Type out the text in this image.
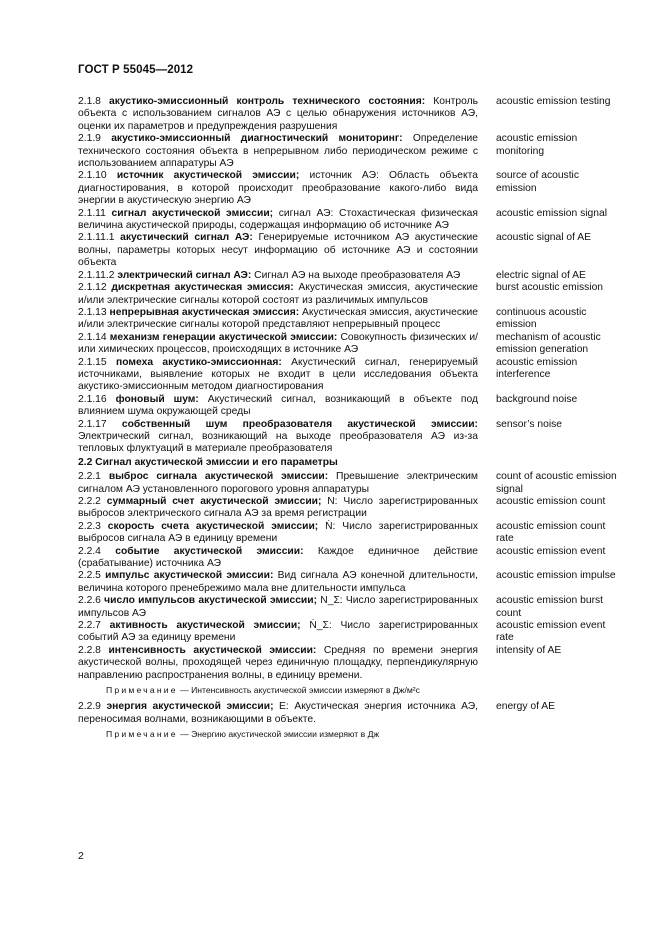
ГОСТ Р 55045—2012
2.1.8 акустико-эмиссионный контроль технического состояния: Контроль объекта с использованием сигналов АЭ с целью обнаружения источников АЭ, оценки их параметров и предупреждения разрушения
acoustic emission testing
2.1.9 акустико-эмиссионный диагностический мониторинг: Определение технического состояния объекта в непрерывном либо периодическом режиме с использованием аппаратуры АЭ
acoustic emission monitoring
2.1.10 источник акустической эмиссии; источник АЭ: Область объекта диагностирования, в которой происходит преобразование какого-либо вида энергии в акустическую энергию АЭ
source of acoustic emission
2.1.11 сигнал акустической эмиссии; сигнал АЭ: Стохастическая физическая величина акустической природы, содержащая информацию об источнике АЭ
acoustic emission signal
2.1.11.1 акустический сигнал АЭ: Генерируемые источником АЭ акустические волны, параметры которых несут информацию об источнике АЭ и состоянии объекта
acoustic signal of AE
2.1.11.2 электрический сигнал АЭ: Сигнал АЭ на выходе преобразователя АЭ	electric signal of AE
2.1.12 дискретная акустическая эмиссия: Акустическая эмиссия, акустические и/или электрические сигналы которой состоят из различимых импульсов
burst acoustic emission
2.1.13 непрерывная акустическая эмиссия: Акустическая эмиссия, акустические и/или электрические сигналы которой представляют непрерывный процесс
continuous acoustic emission
2.1.14 механизм генерации акустической эмиссии: Совокупность физических и/или химических процессов, происходящих в источнике АЭ
mechanism of acoustic emission generation
2.1.15 помеха акустико-эмиссионная: Акустический сигнал, генерируемый источниками, выявление которых не входит в цели исследования объекта акустико-эмиссионным методом диагностирования
acoustic emission interference
2.1.16 фоновый шум: Акустический сигнал, возникающий в объекте под влиянием шума окружающей среды
background noise
2.1.17 собственный шум преобразователя акустической эмиссии: Электрический сигнал, возникающий на выходе преобразователя АЭ из-за тепловых флуктуаций в материале преобразователя
sensor’s noise
2.2 Сигнал акустической эмиссии и его параметры
2.2.1 выброс сигнала акустической эмиссии: Превышение электрическим сигналом АЭ установленного порогового уровня аппаратуры
count of acoustic emission signal
2.2.2 суммарный счет акустической эмиссии; N: Число зарегистрированных выбросов электрического сигнала АЭ за время регистрации
acoustic emission count
2.2.3 скорость счета акустической эмиссии; Ṅ: Число зарегистрированных выбросов сигнала АЭ в единицу времени
acoustic emission count rate
2.2.4 событие акустической эмиссии: Каждое единичное действие (срабатывание) источника АЭ
acoustic emission event
2.2.5 импульс акустической эмиссии: Вид сигнала АЭ конечной длительности, величина которого пренебрежимо мала вне длительности импульса
acoustic emission impulse
2.2.6 число импульсов акустической эмиссии; N_Σ: Число зарегистрированных импульсов АЭ
acoustic emission burst count
2.2.7 активность акустической эмиссии; Ṅ_Σ: Число зарегистрированных событий АЭ за единицу времени
acoustic emission event rate
2.2.8 интенсивность акустической эмиссии: Средняя по времени энергия акустической волны, проходящей через единичную площадку, перпендикулярную направлению распространения волны, в единицу времени.
intensity of AE
Примечание — Интенсивность акустической эмиссии измеряют в Дж/м²с
2.2.9 энергия акустической эмиссии; E: Акустическая энергия источника АЭ, переносимая волнами, возникающими в объекте.
energy of AE
Примечание — Энергию акустической эмиссии измеряют в Дж
2
